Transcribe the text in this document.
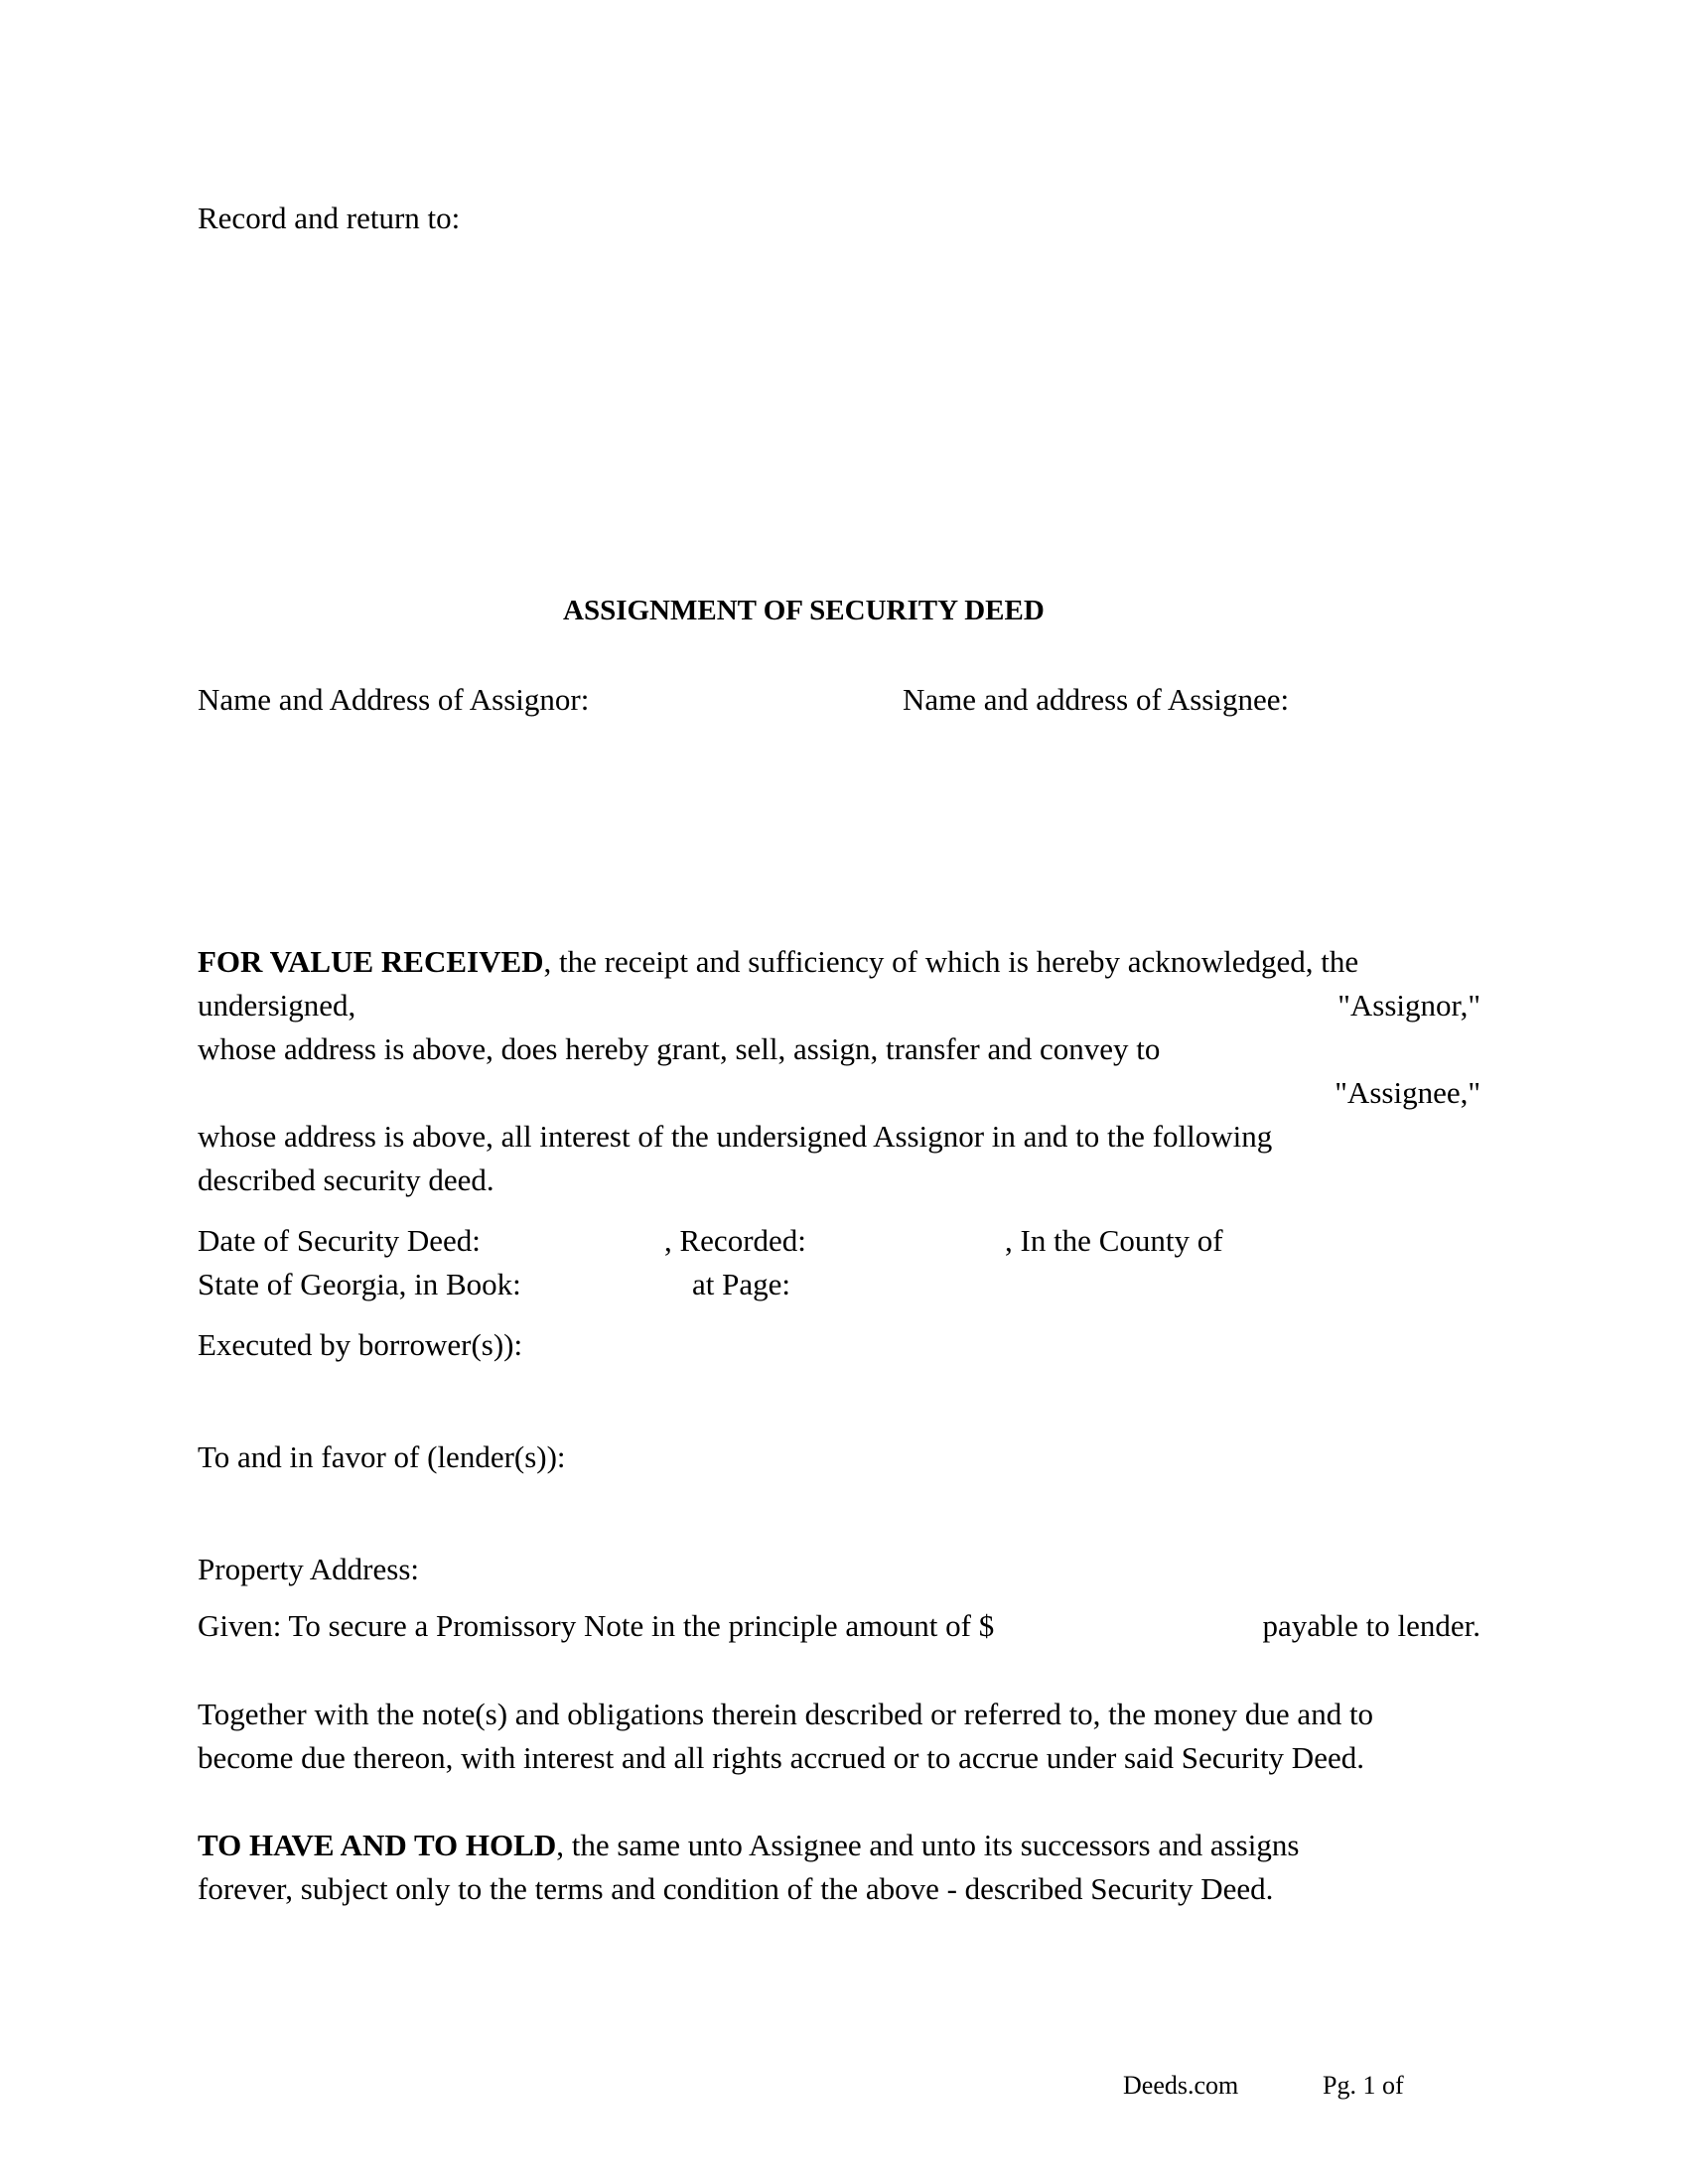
Record and return to:
ASSIGNMENT OF SECURITY DEED
Name and Address of Assignor:	Name and address of Assignee:
FOR VALUE RECEIVED, the receipt and sufficiency of which is hereby acknowledged, the
undersigned,	"Assignor,"
whose address is above, does hereby grant, sell, assign, transfer and convey to
"Assignee,"
whose address is above, all interest of the undersigned Assignor in and to the following
described security deed.
Date of Security Deed:	, Recorded:	, In the County of
State of Georgia, in Book:	at Page:
Executed by borrower(s)):
To and in favor of (lender(s)):
Property Address:
Given: To secure a Promissory Note in the principle amount of $	payable to lender.
Together with the note(s) and obligations therein described or referred to, the money due and to
become due thereon, with interest and all rights accrued or to accrue under said Security Deed.
TO HAVE AND TO HOLD, the same unto Assignee and unto its successors and assigns
forever, subject only to the terms and condition of the above - described Security Deed.
Deeds.com	Pg. 1 of
